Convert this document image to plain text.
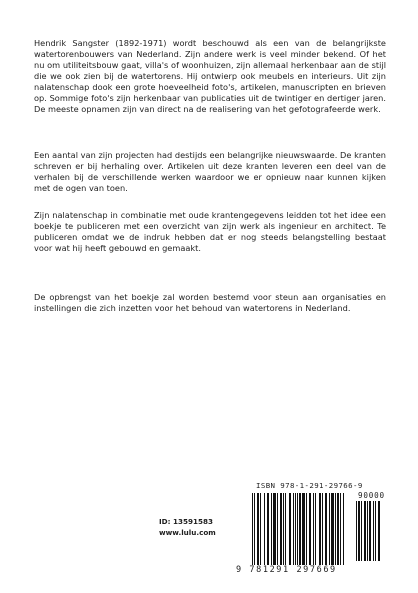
Hendrik Sangster (1892-1971) wordt beschouwd als een van de belangrijkste watertorenbouwers van Nederland. Zijn andere werk is veel minder bekend. Of het nu om utiliteitsbouw gaat, villa's of woonhuizen, zijn allemaal herkenbaar aan de stijl die we ook zien bij de watertorens. Hij ontwierp ook meubels en interieurs. Uit zijn nalatenschap dook een grote hoeveelheid foto's, artikelen, manuscripten en brieven op. Sommige foto's zijn herkenbaar van publicaties uit de twintiger en dertiger jaren. De meeste opnamen zijn van direct na de realisering van het gefotografeerde werk.
Een aantal van zijn projecten had destijds een belangrijke nieuwswaarde. De kranten schreven er bij herhaling over. Artikelen uit deze kranten leveren een deel van de verhalen bij de verschillende werken waardoor we er opnieuw naar kunnen kijken met de ogen van toen.
Zijn nalatenschap in combinatie met oude krantengegevens leidden tot het idee een boekje te publiceren met een overzicht van zijn werk als ingenieur en architect. Te publiceren omdat we de indruk hebben dat er nog steeds belangstelling bestaat voor wat hij heeft gebouwd en gemaakt.
De opbrengst van het boekje zal worden bestemd voor steun aan organisaties en instellingen die zich inzetten voor het behoud van watertorens in Nederland.
ID: 13591583
www.lulu.com
ISBN 978-1-291-29766-9
90000
9 781291 297669
